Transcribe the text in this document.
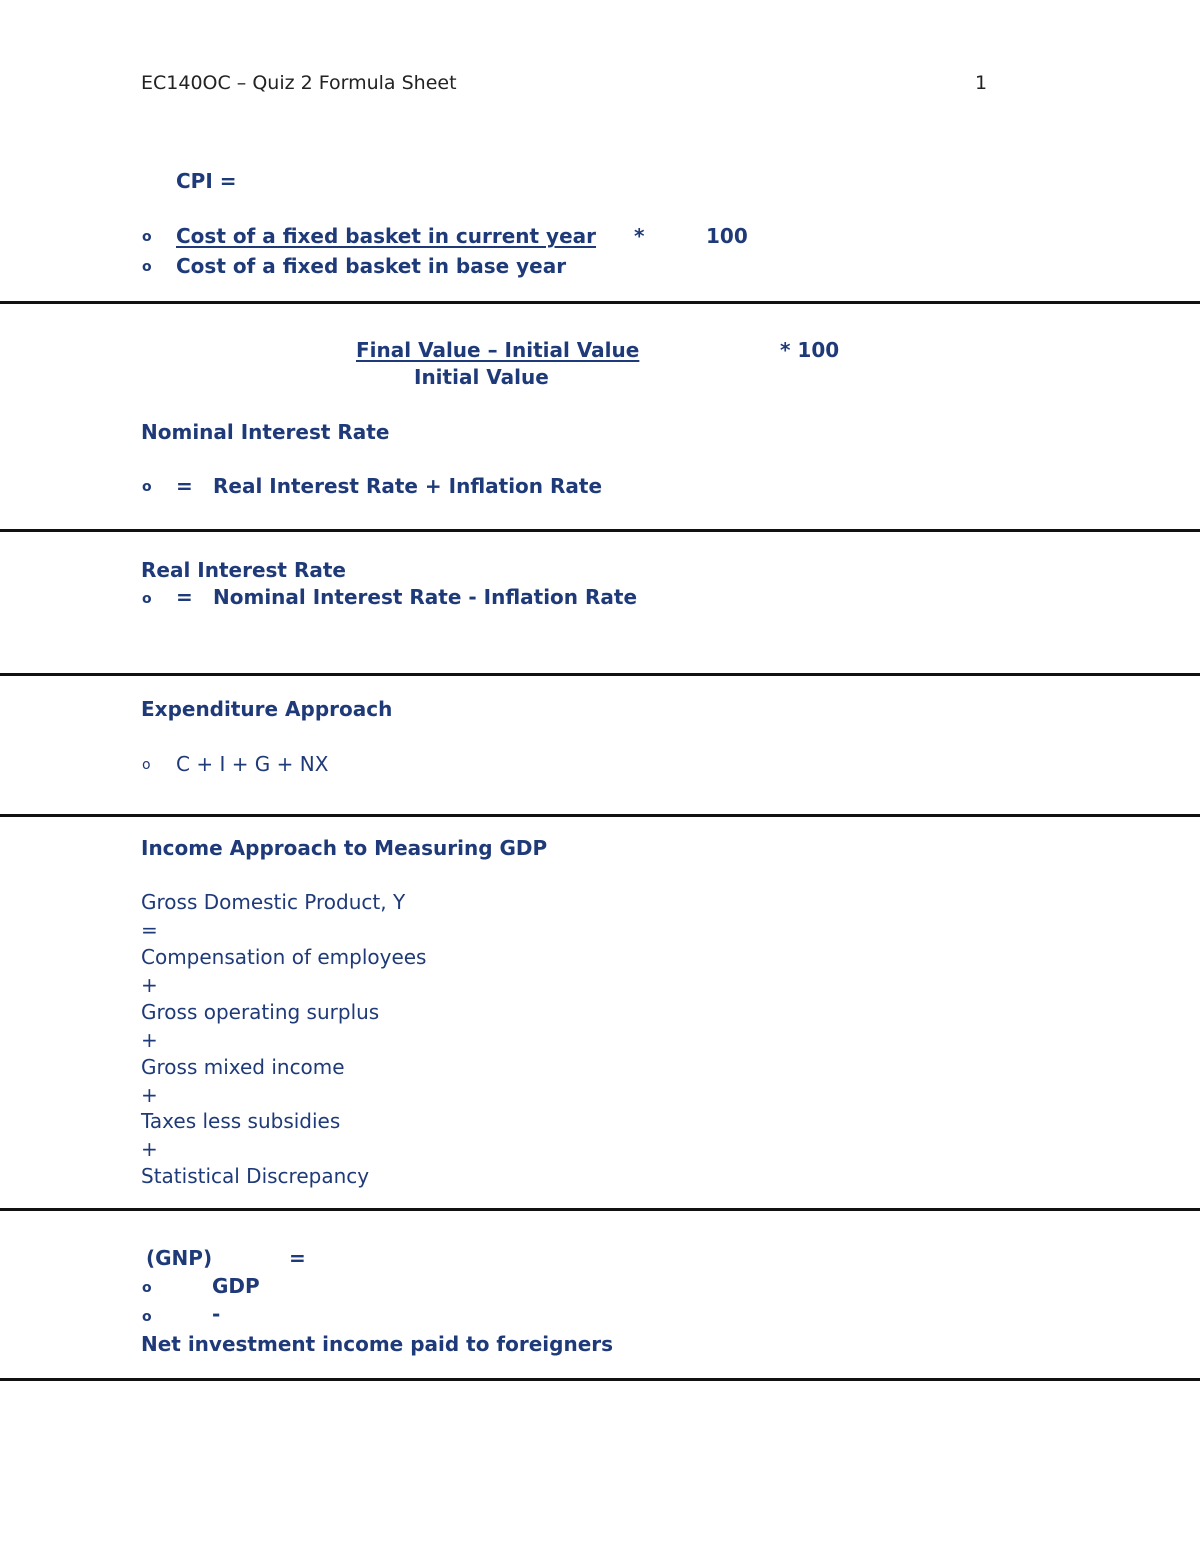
EC140OC – Quiz 2 Formula Sheet	1
CPI =
o Cost of a fixed basket in current year *	100
o Cost of a fixed basket in base year
Final Value – Initial Value	* 100
Initial Value
Nominal Interest Rate
o = Real Interest Rate + Inflation Rate
Real Interest Rate
o = Nominal Interest Rate - Inflation Rate
Expenditure Approach
o C + I + G + NX
Income Approach to Measuring GDP
Gross Domestic Product, Y
=
Compensation of employees
+
Gross operating surplus
+
Gross mixed income
+
Taxes less subsidies
+
Statistical Discrepancy
(GNP)	=
o	GDP
o	-
Net investment income paid to foreigners
